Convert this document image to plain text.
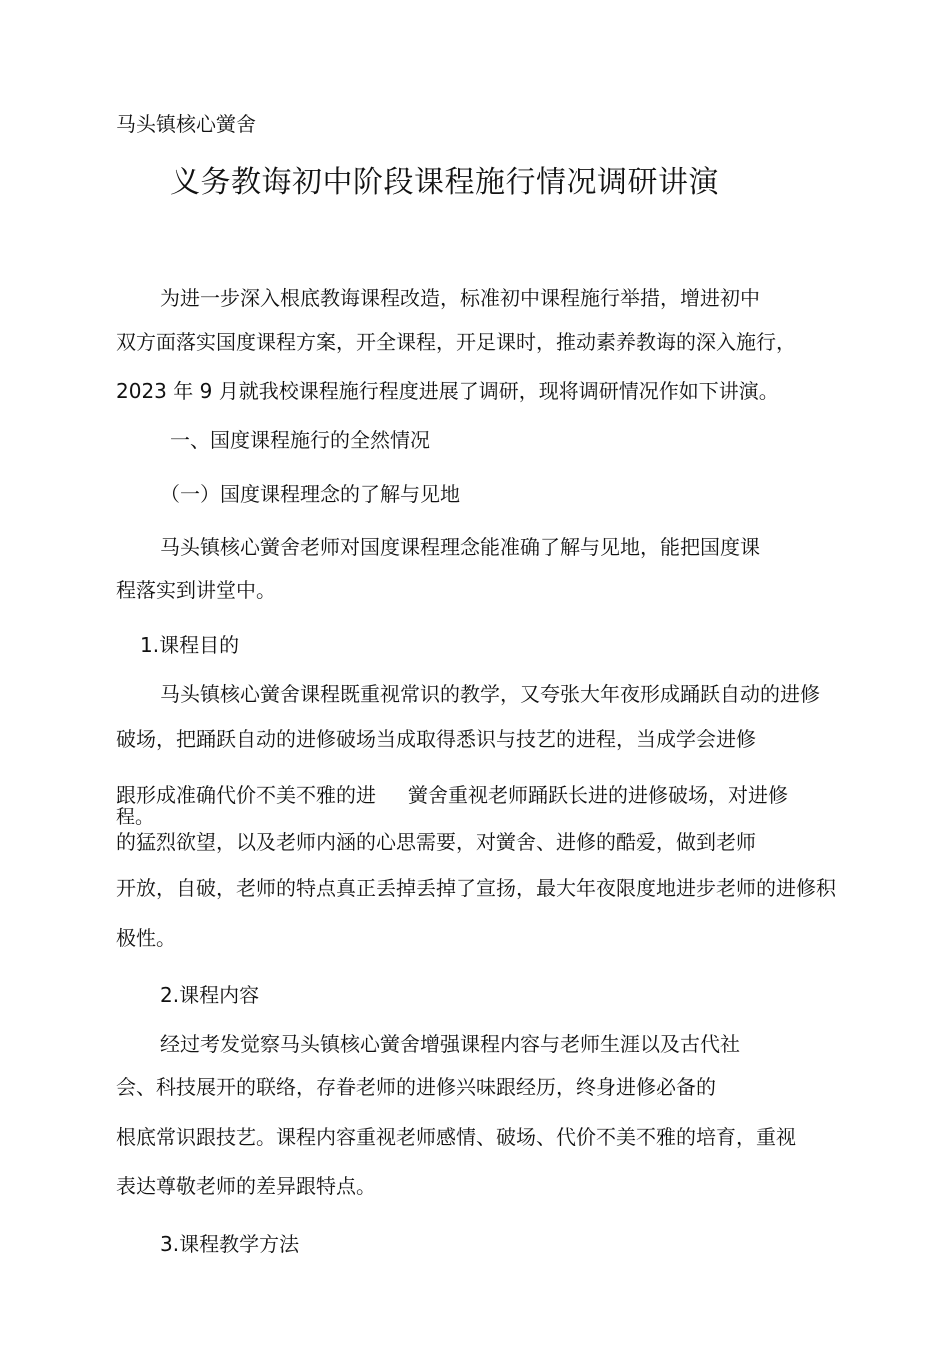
马头镇核心黉舍
义务教诲初中阶段课程施行情况调研讲演
为进一步深入根底教诲课程改造，标准初中课程施行举措，增进初中
双方面落实国度课程方案，开全课程，开足课时，推动素养教诲的深入施行，
2023 年 9 月就我校课程施行程度进展了调研，现将调研情况作如下讲演。
一、国度课程施行的全然情况
（一）国度课程理念的了解与见地
马头镇核心黉舍老师对国度课程理念能准确了解与见地，能把国度课
程落实到讲堂中。
1.课程目的
马头镇核心黉舍课程既重视常识的教学，又夸张大年夜形成踊跃自动的进修
破场，把踊跃自动的进修破场当成取得悉识与技艺的进程，当成学会进修
跟形成准确代价不美不雅的进
程。
黉舍重视老师踊跃长进的进修破场，对进修
的猛烈欲望，以及老师内涵的心思需要，对黉舍、进修的酷爱，做到老师
开放，自破，老师的特点真正丢掉丢掉了宣扬，最大年夜限度地进步老师的进修积
极性。
2.课程内容
经过考发觉察马头镇核心黉舍增强课程内容与老师生涯以及古代社
会、科技展开的联络，存眷老师的进修兴味跟经历，终身进修必备的
根底常识跟技艺。课程内容重视老师感情、破场、代价不美不雅的培育，重视
表达尊敬老师的差异跟特点。
3.课程教学方法
